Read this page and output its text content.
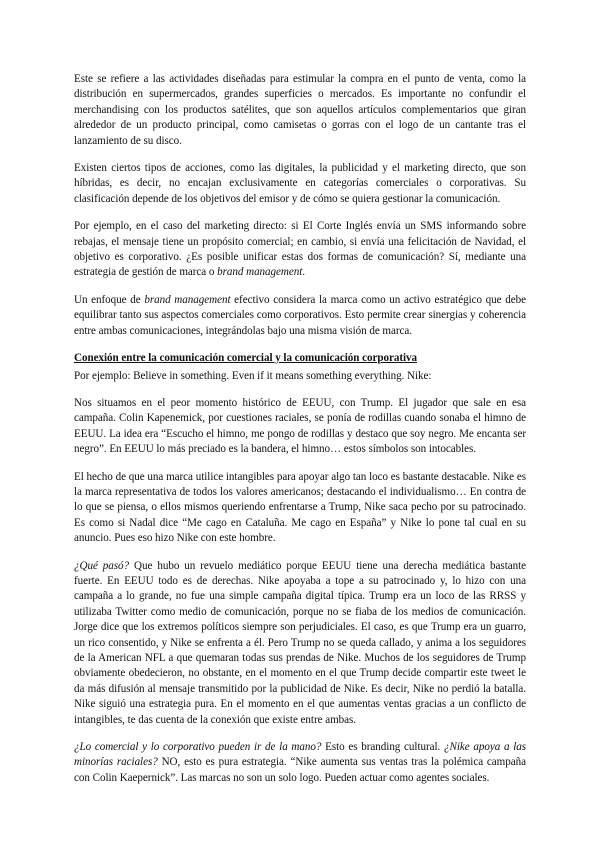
Este se refiere a las actividades diseñadas para estimular la compra en el punto de venta, como la distribución en supermercados, grandes superficies o mercados. Es importante no confundir el merchandising con los productos satélites, que son aquellos artículos complementarios que giran alrededor de un producto principal, como camisetas o gorras con el logo de un cantante tras el lanzamiento de su disco.

Existen ciertos tipos de acciones, como las digitales, la publicidad y el marketing directo, que son híbridas, es decir, no encajan exclusivamente en categorías comerciales o corporativas. Su clasificación depende de los objetivos del emisor y de cómo se quiera gestionar la comunicación.

Por ejemplo, en el caso del marketing directo: si El Corte Inglés envía un SMS informando sobre rebajas, el mensaje tiene un propósito comercial; en cambio, si envía una felicitación de Navidad, el objetivo es corporativo. ¿Es posible unificar estas dos formas de comunicación? Sí, mediante una estrategia de gestión de marca o brand management.

Un enfoque de brand management efectivo considera la marca como un activo estratégico que debe equilibrar tanto sus aspectos comerciales como corporativos. Esto permite crear sinergias y coherencia entre ambas comunicaciones, integrándolas bajo una misma visión de marca.

Conexión entre la comunicación comercial y la comunicación corporativa

Por ejemplo: Believe in something. Even if it means something everything. Nike:

Nos situamos en el peor momento histórico de EEUU, con Trump. El jugador que sale en esa campaña. Colin Kapenemick, por cuestiones raciales, se ponía de rodillas cuando sonaba el himno de EEUU. La idea era “Escucho el himno, me pongo de rodillas y destaco que soy negro. Me encanta ser negro”. En EEUU lo más preciado es la bandera, el himno… estos símbolos son intocables.

El hecho de que una marca utilice intangibles para apoyar algo tan loco es bastante destacable. Nike es la marca representativa de todos los valores americanos; destacando el individualismo… En contra de lo que se piensa, o ellos mismos queriendo enfrentarse a Trump, Nike saca pecho por su patrocinado. Es como si Nadal dice “Me cago en Cataluña. Me cago en España” y Nike lo pone tal cual en su anuncio. Pues eso hizo Nike con este hombre.

¿Qué pasó? Que hubo un revuelo mediático porque EEUU tiene una derecha mediática bastante fuerte. En EEUU todo es de derechas. Nike apoyaba a tope a su patrocinado y, lo hizo con una campaña a lo grande, no fue una simple campaña digital típica. Trump era un loco de las RRSS y utilizaba Twitter como medio de comunicación, porque no se fiaba de los medios de comunicación. Jorge dice que los extremos políticos siempre son perjudiciales. El caso, es que Trump era un guarro, un rico consentido, y Nike se enfrenta a él. Pero Trump no se queda callado, y anima a los seguidores de la American NFL a que quemaran todas sus prendas de Nike. Muchos de los seguidores de Trump obviamente obedecieron, no obstante, en el momento en el que Trump decide compartir este tweet le da más difusión al mensaje transmitido por la publicidad de Nike. Es decir, Nike no perdió la batalla. Nike siguió una estrategia pura. En el momento en el que aumentas ventas gracias a un conflicto de intangibles, te das cuenta de la conexión que existe entre ambas.

¿Lo comercial y lo corporativo pueden ir de la mano? Esto es branding cultural. ¿Nike apoya a las minorías raciales? NO, esto es pura estrategia. “Nike aumenta sus ventas tras la polémica campaña con Colin Kaepernick”. Las marcas no son un solo logo. Pueden actuar como agentes sociales.
